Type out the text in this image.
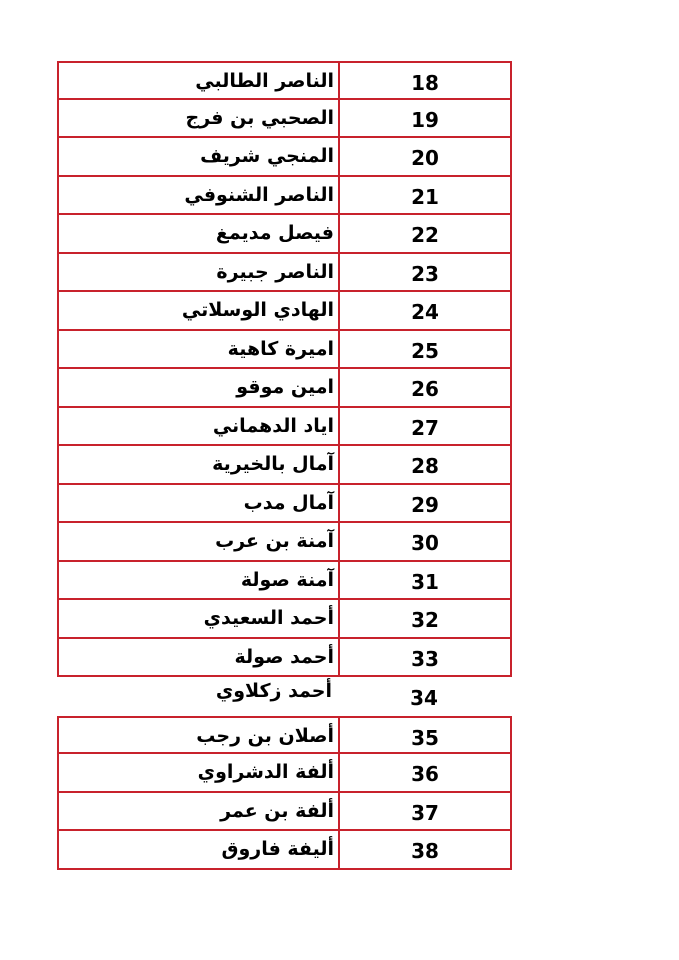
الناصر الطالبي	18
الصحبي بن فرج	19
المنجي شريف	20
الناصر الشنوفي	21
فيصل مديمغ	22
الناصر جبيرة	23
الهادي الوسلاتي	24
اميرة كاهية	25
امين موقو	26
اياد الدهماني	27
آمال بالخيرية	28
آمال مدب	29
آمنة بن عرب	30
آمنة صولة	31
أحمد السعيدي	32
أحمد صولة	33
أحمد زكلاوي	34
أصلان بن رجب	35
ألفة الدشراوي	36
ألفة بن عمر	37
أليفة فاروق	38
